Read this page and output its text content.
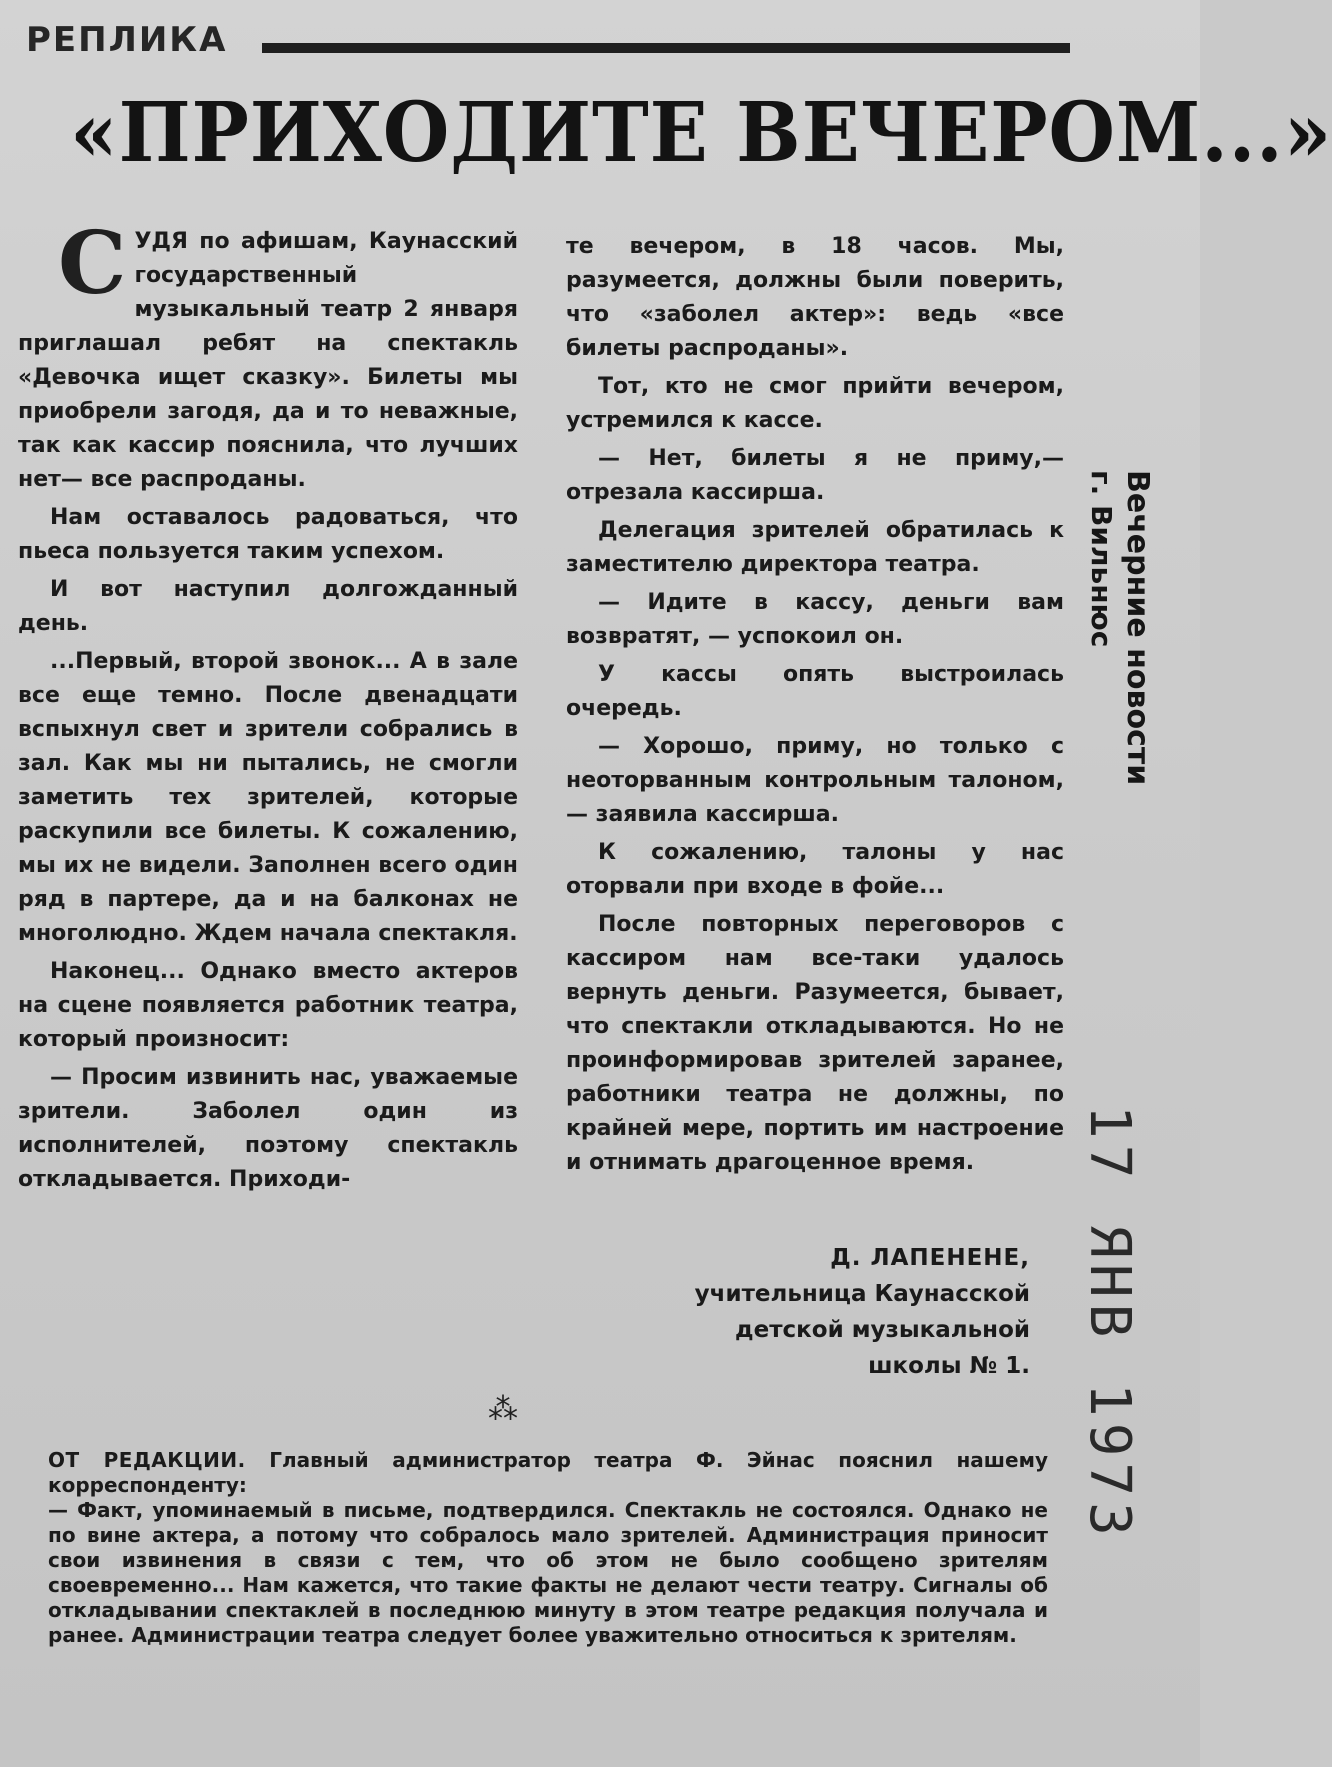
РЕПЛИКА
«ПРИХОДИТЕ ВЕЧЕРОМ...»
С УДЯ по афишам, Каунасский государственный музыкальный театр 2 января приглашал ребят на спектакль «Девочка ищет сказку». Билеты мы приобрели загодя, да и то неважные, так как кассир пояснила, что лучших нет— все распроданы.

Нам оставалось радоваться, что пьеса пользуется таким успехом.

И вот наступил долгожданный день.

...Первый, второй звонок... А в зале все еще темно. После двенадцати вспыхнул свет и зрители собрались в зал. Как мы ни пытались, не смогли заметить тех зрителей, которые раскупили все билеты. К сожалению, мы их не видели. Заполнен всего один ряд в партере, да и на балконах не многолюдно. Ждем начала спектакля.

Наконец... Однако вместо актеров на сцене появляется работник театра, который произносит:

— Просим извинить нас, уважаемые зрители. Заболел один из исполнителей, поэтому спектакль откладывается. Приходи-

те вечером, в 18 часов. Мы, разумеется, должны были поверить, что «заболел актер»: ведь «все билеты распроданы».

Тот, кто не смог прийти вечером, устремился к кассе.

— Нет, билеты я не приму,— отрезала кассирша.

Делегация зрителей обратилась к заместителю директора театра.

— Идите в кассу, деньги вам возвратят, — успокоил он.

У кассы опять выстроилась очередь.

— Хорошо, приму, но только с неоторванным контрольным талоном, — заявила кассирша.

К сожалению, талоны у нас оторвали при входе в фойе...

После повторных переговоров с кассиром нам все-таки удалось вернуть деньги. Разумеется, бывает, что спектакли откладываются. Но не проинформировав зрителей заранее, работники театра не должны, по крайней мере, портить им настроение и отнимать драгоценное время.

Д. ЛАПЕНЕНЕ,
учительница Каунасской
детской музыкальной
школы № 1.
⁂

ОТ РЕДАКЦИИ. Главный администратор театра Ф. Эйнас пояснил нашему корреспонденту:

— Факт, упоминаемый в письме, подтвердился. Спектакль не состоялся. Однако не по вине актера, а потому что собралось мало зрителей. Администрация приносит свои извинения в связи с тем, что об этом не было сообщено зрителям своевременно... Нам кажется, что такие факты не делают чести театру. Сигналы об откладывании спектаклей в последнюю минуту в этом театре редакция получала и ранее. Администрации театра следует более уважительно относиться к зрителям.

Вечерние новости
г. Вильнюс
17 ЯНВ 1973
